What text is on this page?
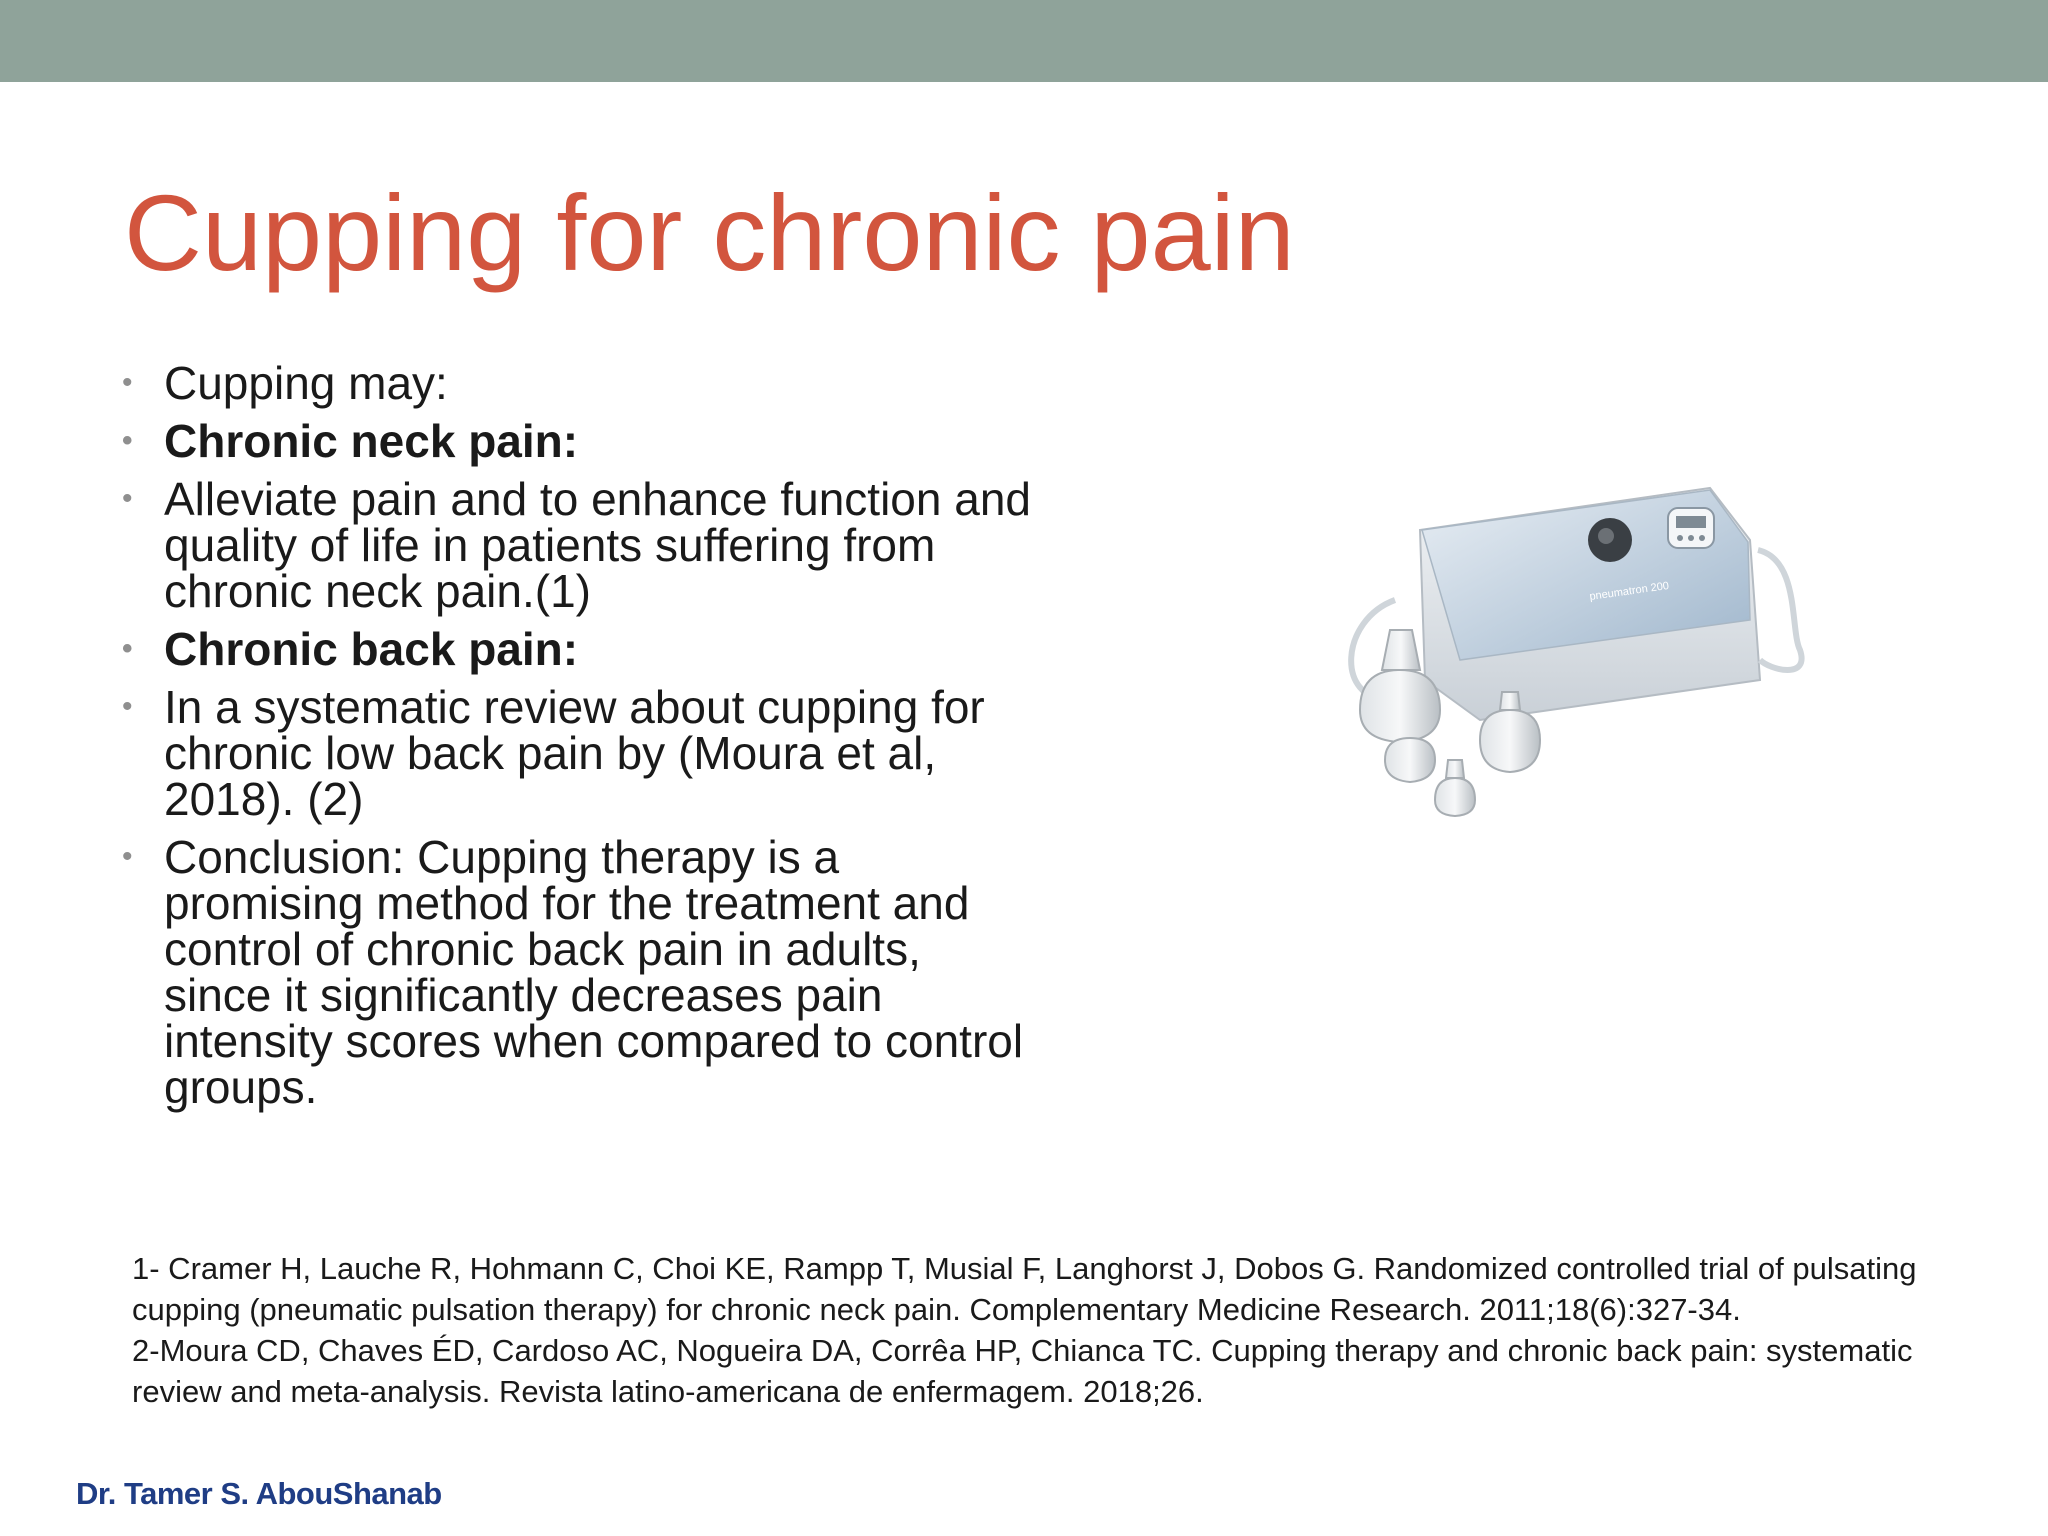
Cupping for chronic pain
• Cupping may:
• Chronic neck pain:
• Alleviate pain and to enhance function and quality of life in patients suffering from chronic neck pain.(1)
• Chronic back pain:
• In a systematic review about cupping for chronic low back pain by (Moura et al, 2018). (2)
• Conclusion: Cupping therapy is a promising method for the treatment and control of chronic back pain in adults, since it significantly decreases pain intensity scores when compared to control groups.
pneumatron 200

1- Cramer H, Lauche R, Hohmann C, Choi KE, Rampp T, Musial F, Langhorst J, Dobos G. Randomized controlled trial of pulsating cupping (pneumatic pulsation therapy) for chronic neck pain. Complementary Medicine Research. 2011;18(6):327-34.

2-Moura CD, Chaves ÉD, Cardoso AC, Nogueira DA, Corrêa HP, Chianca TC. Cupping therapy and chronic back pain: systematic review and meta-analysis. Revista latino-americana de enfermagem. 2018;26.

Dr. Tamer S. AbouShanab
